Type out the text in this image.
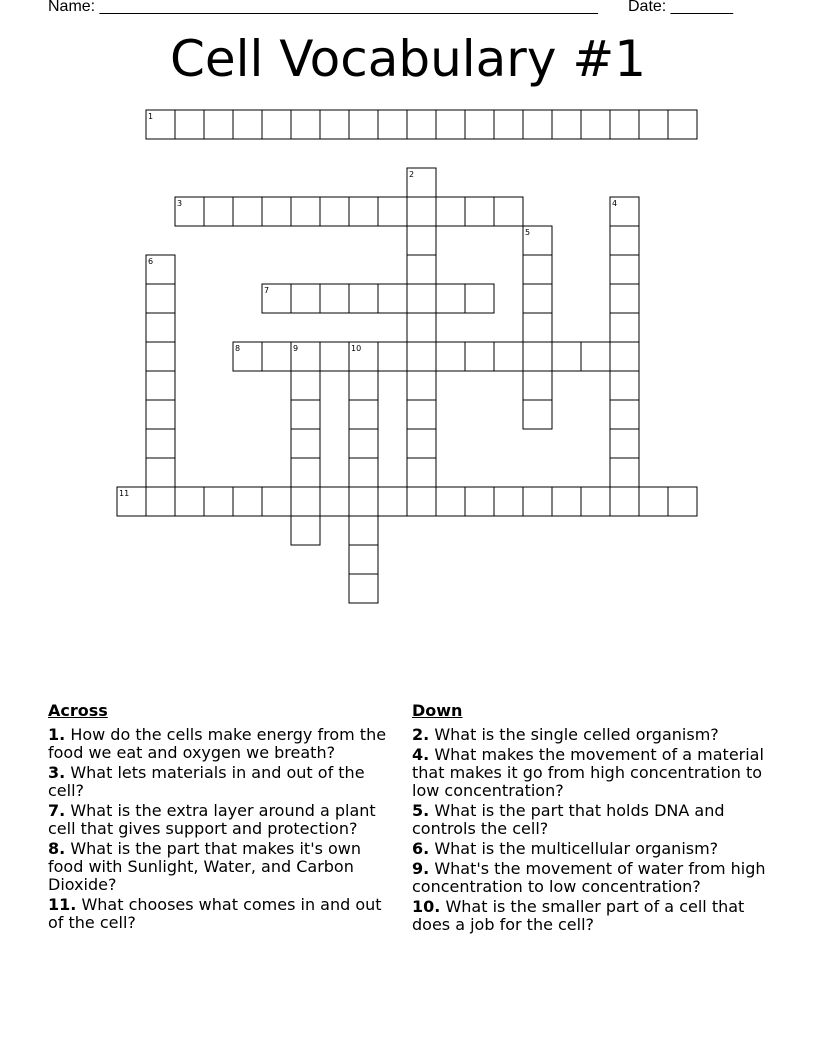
Name: ________________________________________________________ Date: _______
Cell Vocabulary #1
1
2
3	4
5
6
7
8	9	10
11
Across
1. How do the cells make energy from the food we eat and oxygen we breath?
3. What lets materials in and out of the cell?
7. What is the extra layer around a plant cell that gives support and protection?
8. What is the part that makes it's own food with Sunlight, Water, and Carbon Dioxide?
11. What chooses what comes in and out of the cell?
Down
2. What is the single celled organism?
4. What makes the movement of a material that makes it go from high concentration to low concentration?
5. What is the part that holds DNA and controls the cell?
6. What is the multicellular organism?
9. What's the movement of water from high concentration to low concentration?
10. What is the smaller part of a cell that does a job for the cell?
